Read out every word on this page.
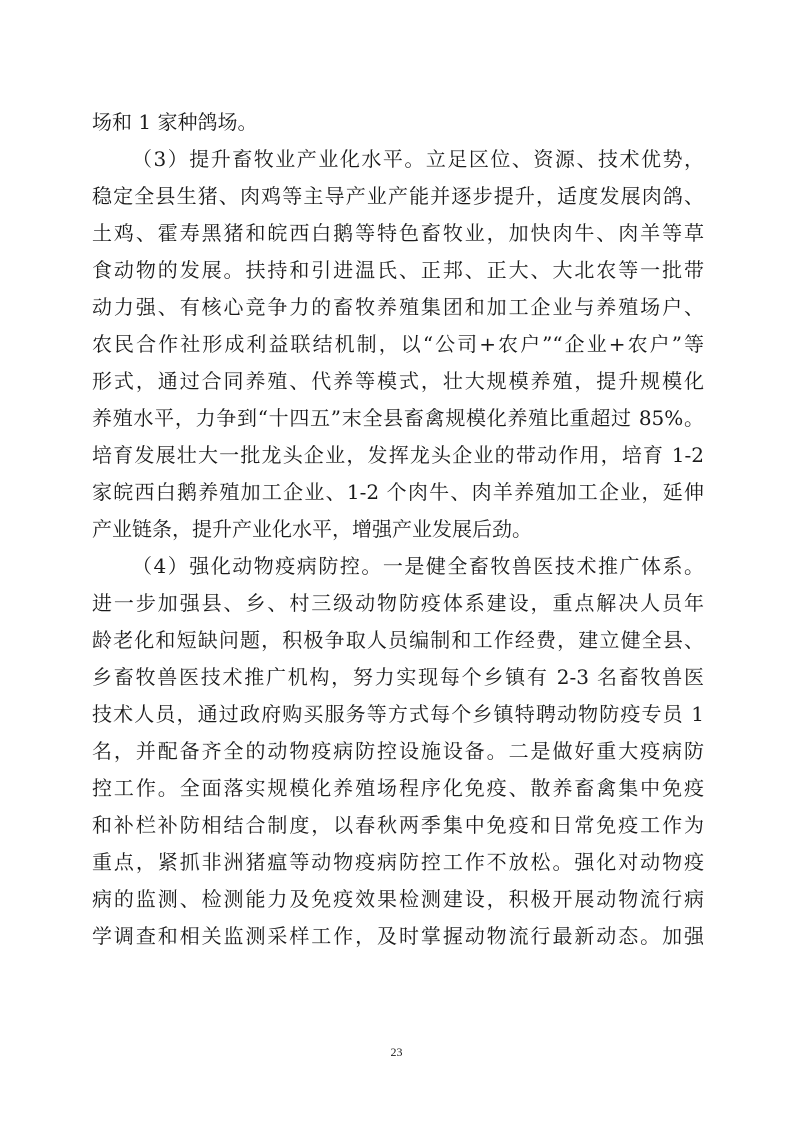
场和 1 家种鸽场。
（3）提升畜牧业产业化水平。立足区位、资源、技术优势，
稳定全县生猪、肉鸡等主导产业产能并逐步提升，适度发展肉鸽、
土鸡、霍寿黑猪和皖西白鹅等特色畜牧业，加快肉牛、肉羊等草
食动物的发展。扶持和引进温氏、正邦、正大、大北农等一批带
动力强、有核心竞争力的畜牧养殖集团和加工企业与养殖场户、
农民合作社形成利益联结机制，以“公司+农户”“企业+农户”等
形式，通过合同养殖、代养等模式，壮大规模养殖，提升规模化
养殖水平，力争到“十四五”末全县畜禽规模化养殖比重超过 85%。
培育发展壮大一批龙头企业，发挥龙头企业的带动作用，培育 1-2
家皖西白鹅养殖加工企业、1-2 个肉牛、肉羊养殖加工企业，延伸
产业链条，提升产业化水平，增强产业发展后劲。
（4）强化动物疫病防控。一是健全畜牧兽医技术推广体系。
进一步加强县、乡、村三级动物防疫体系建设，重点解决人员年
龄老化和短缺问题，积极争取人员编制和工作经费，建立健全县、
乡畜牧兽医技术推广机构，努力实现每个乡镇有 2-3 名畜牧兽医
技术人员，通过政府购买服务等方式每个乡镇特聘动物防疫专员 1
名，并配备齐全的动物疫病防控设施设备。二是做好重大疫病防
控工作。全面落实规模化养殖场程序化免疫、散养畜禽集中免疫
和补栏补防相结合制度，以春秋两季集中免疫和日常免疫工作为
重点，紧抓非洲猪瘟等动物疫病防控工作不放松。强化对动物疫
病的监测、检测能力及免疫效果检测建设，积极开展动物流行病
学调查和相关监测采样工作，及时掌握动物流行最新动态。加强
23
